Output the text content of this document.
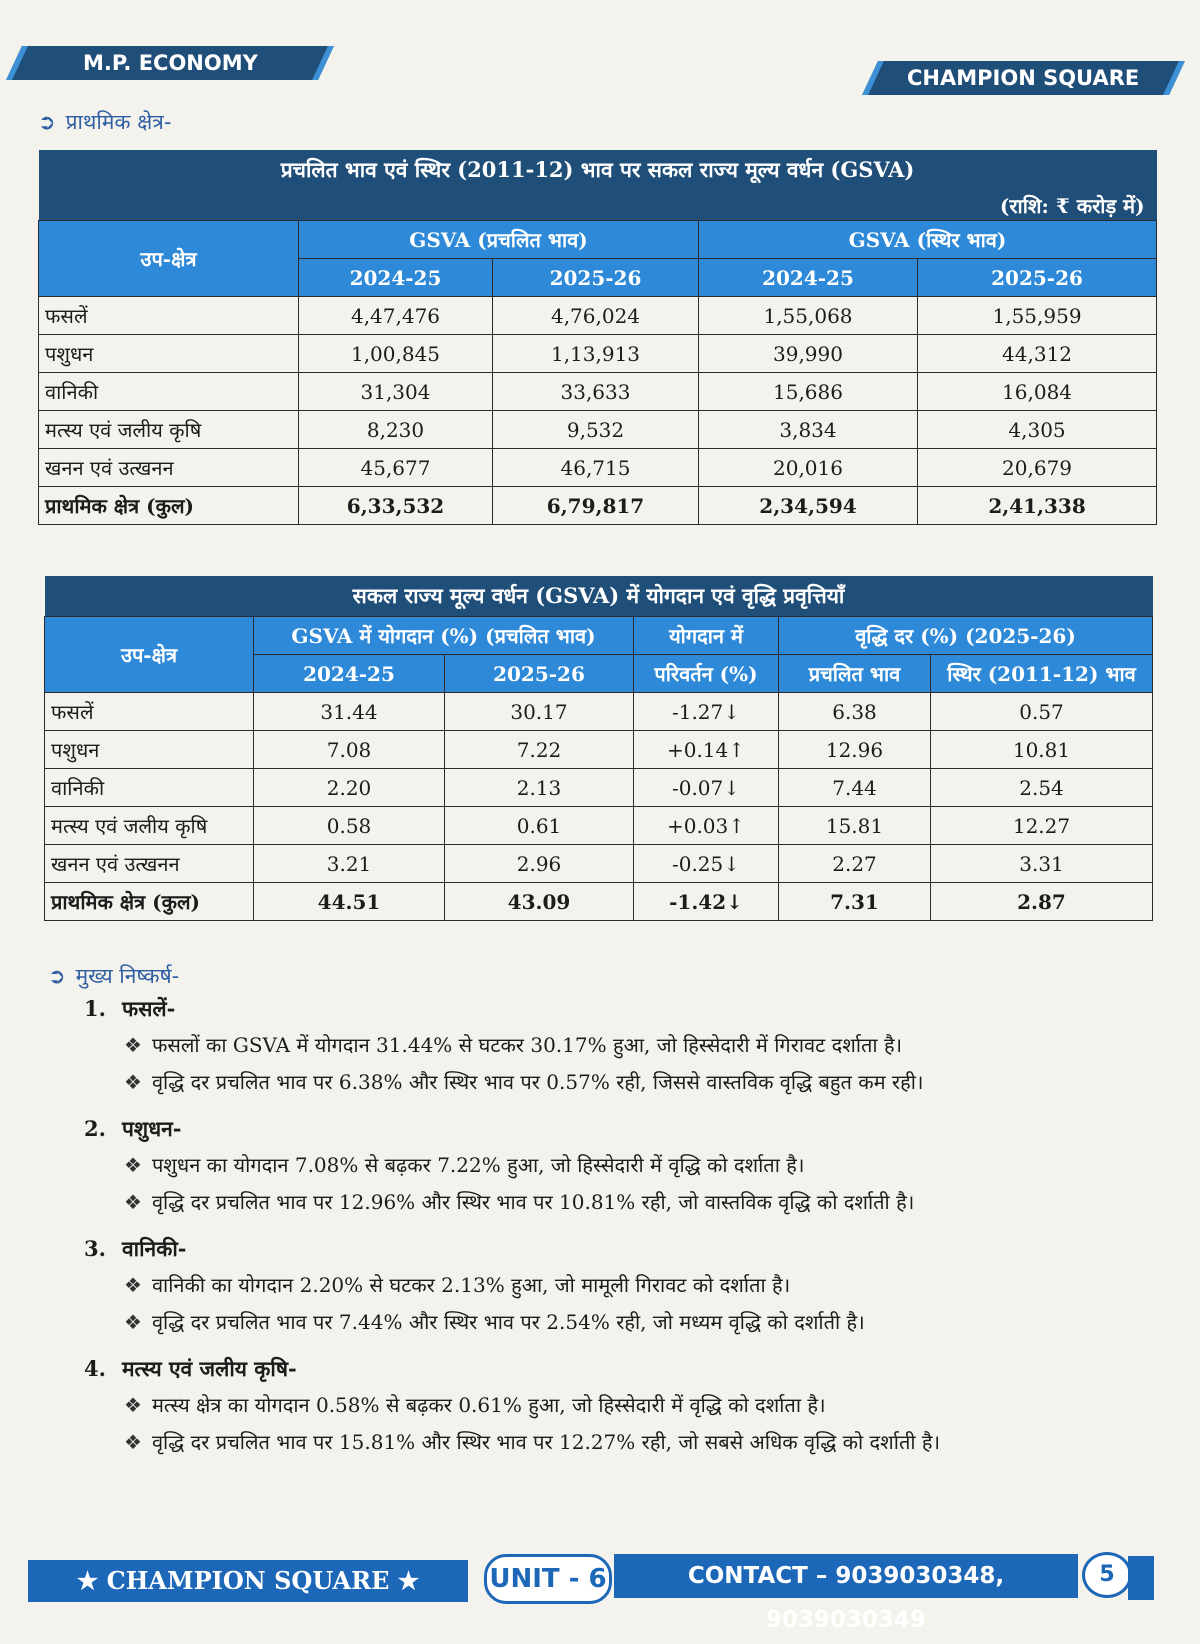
M.P. ECONOMY
CHAMPION SQUARE
➲ प्राथमिक क्षेत्र-
प्रचलित भाव एवं स्थिर (2011-12) भाव पर सकल राज्य मूल्य वर्धन (GSVA)				
(राशि: ₹ करोड़ में)				
उप-क्षेत्र	GSVA (प्रचलित भाव)		GSVA (स्थिर भाव)	
	2024-25	2025-26	2024-25	2025-26
फसलें	4,47,476	4,76,024	1,55,068	1,55,959
पशुधन	1,00,845	1,13,913	39,990	44,312
वानिकी	31,304	33,633	15,686	16,084
मत्स्य एवं जलीय कृषि	8,230	9,532	3,834	4,305
खनन एवं उत्खनन	45,677	46,715	20,016	20,679
प्राथमिक क्षेत्र (कुल)	6,33,532	6,79,817	2,34,594	2,41,338
सकल राज्य मूल्य वर्धन (GSVA) में योगदान एवं वृद्धि प्रवृत्तियाँ					
उप-क्षेत्र	GSVA में योगदान (%) (प्रचलित भाव)		योगदान में	वृद्धि दर (%) (2025-26)	
	2024-25	2025-26	परिवर्तन (%)	प्रचलित भाव	स्थिर (2011-12) भाव
फसलें	31.44	30.17	-1.27↓	6.38	0.57
पशुधन	7.08	7.22	+0.14↑	12.96	10.81
वानिकी	2.20	2.13	-0.07↓	7.44	2.54
मत्स्य एवं जलीय कृषि	0.58	0.61	+0.03↑	15.81	12.27
खनन एवं उत्खनन	3.21	2.96	-0.25↓	2.27	3.31
प्राथमिक क्षेत्र (कुल)	44.51	43.09	-1.42↓	7.31	2.87
➲ मुख्य निष्कर्ष-
1. फसलें-
❖ फसलों का GSVA में योगदान 31.44% से घटकर 30.17% हुआ, जो हिस्सेदारी में गिरावट दर्शाता है।
❖ वृद्धि दर प्रचलित भाव पर 6.38% और स्थिर भाव पर 0.57% रही, जिससे वास्तविक वृद्धि बहुत कम रही।
2. पशुधन-
❖ पशुधन का योगदान 7.08% से बढ़कर 7.22% हुआ, जो हिस्सेदारी में वृद्धि को दर्शाता है।
❖ वृद्धि दर प्रचलित भाव पर 12.96% और स्थिर भाव पर 10.81% रही, जो वास्तविक वृद्धि को दर्शाती है।
3. वानिकी-
❖ वानिकी का योगदान 2.20% से घटकर 2.13% हुआ, जो मामूली गिरावट को दर्शाता है।
❖ वृद्धि दर प्रचलित भाव पर 7.44% और स्थिर भाव पर 2.54% रही, जो मध्यम वृद्धि को दर्शाती है।
4. मत्स्य एवं जलीय कृषि-
❖ मत्स्य क्षेत्र का योगदान 0.58% से बढ़कर 0.61% हुआ, जो हिस्सेदारी में वृद्धि को दर्शाता है।
❖ वृद्धि दर प्रचलित भाव पर 15.81% और स्थिर भाव पर 12.27% रही, जो सबसे अधिक वृद्धि को दर्शाती है।
★ CHAMPION SQUARE ★	UNIT - 6	CONTACT – 9039030348, 9039030349
5
